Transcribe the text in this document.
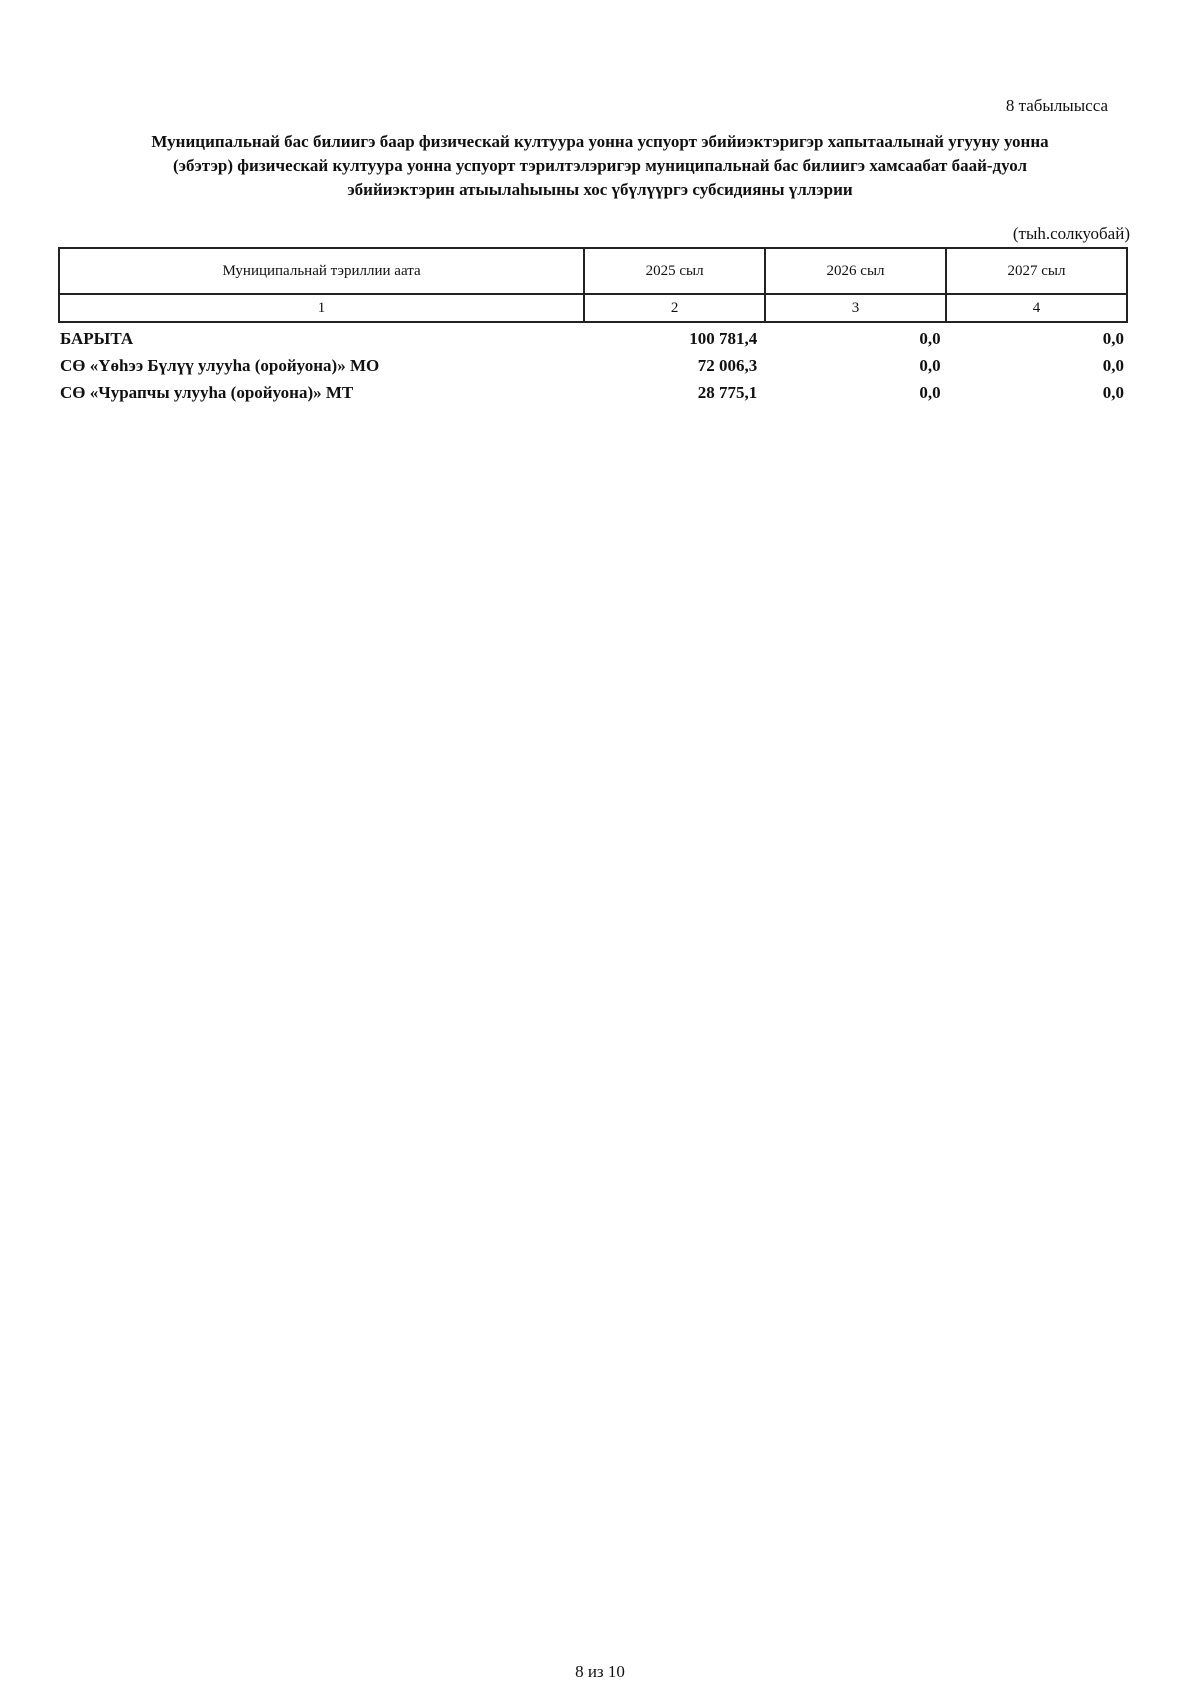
8 табылыысса
Муниципальнай бас билиигэ баар физическай култуура уонна успуорт эбийиэктэригэр хапытаалынай угууну уонна
(эбэтэр) физическай култуура уонна успуорт тэрилтэлэригэр муниципальнай бас билиигэ хамсаабат баай-дуол
эбийиэктэрин атыылаһыыны хос үбүлүүргэ субсидияны үллэрии
(тыһ.солкуобай)
Муниципальнай тэриллии аата	2025 сыл	2026 сыл	2027 сыл
1	2	3	4
БАРЫТА	100 781,4	0,0	0,0
СӨ «Үөһээ Бүлүү улууһа (оройуона)» МО	72 006,3	0,0	0,0
СӨ «Чурапчы улууһа (оройуона)» МТ	28 775,1	0,0	0,0
8 из 10
